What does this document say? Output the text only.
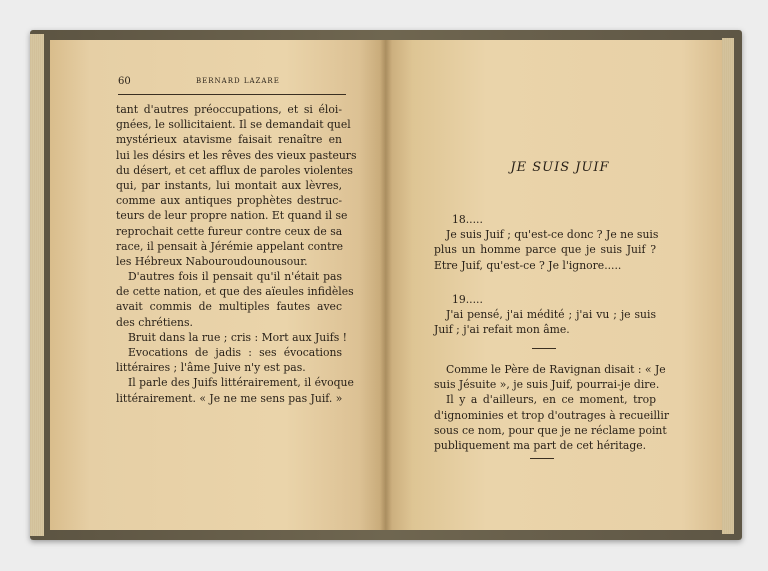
60	BERNARD LAZARE
tant d'autres préoccupations, et si éloi-
gnées, le sollicitaient. Il se demandait quel
mystérieux atavisme faisait renaître en
lui les désirs et les rêves des vieux pasteurs
du désert, et cet afflux de paroles violentes
qui, par instants, lui montait aux lèvres,
comme aux antiques prophètes destruc-
teurs de leur propre nation. Et quand il se
reprochait cette fureur contre ceux de sa
race, il pensait à Jérémie appelant contre
les Hébreux Nabouroudounousour.
D'autres fois il pensait qu'il n'était pas
de cette nation, et que des aïeules infidèles
avait commis de multiples fautes avec
des chrétiens.
Bruit dans la rue ; cris : Mort aux Juifs !
Evocations de jadis : ses évocations
littéraires ; l'âme Juive n'y est pas.
Il parle des Juifs littérairement, il évoque
littérairement. « Je ne me sens pas Juif. »
JE SUIS JUIF
18.....
Je suis Juif ; qu'est-ce donc ? Je ne suis
plus un homme parce que je suis Juif ?
Etre Juif, qu'est-ce ? Je l'ignore.....
19.....
J'ai pensé, j'ai médité ; j'ai vu ; je suis
Juif ; j'ai refait mon âme.
Comme le Père de Ravignan disait : « Je
suis Jésuite », je suis Juif, pourrai-je dire.
Il y a d'ailleurs, en ce moment, trop
d'ignominies et trop d'outrages à recueillir
sous ce nom, pour que je ne réclame point
publiquement ma part de cet héritage.
